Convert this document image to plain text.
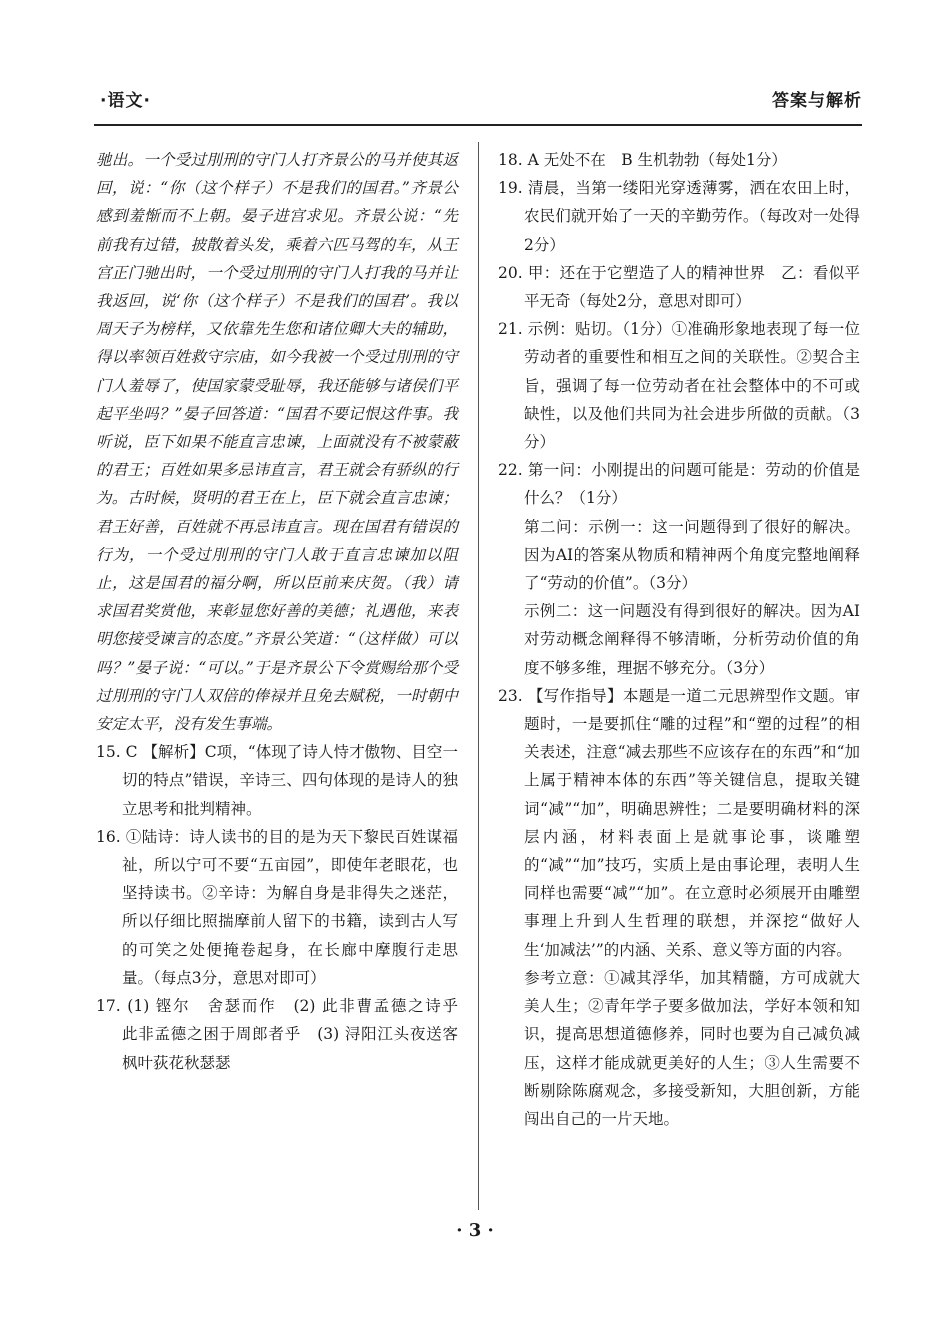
·语文·	答案与解析

驰出。一个受过刖刑的守门人打齐景公的马并使其返回，说：“你（这个样子）不是我们的国君。”齐景公感到羞惭而不上朝。晏子进宫求见。齐景公说：“先前我有过错，披散着头发，乘着六匹马驾的车，从王宫正门驰出时，一个受过刖刑的守门人打我的马并让我返回，说‘你（这个样子）不是我们的国君’。我以周天子为榜样，又依靠先生您和诸位卿大夫的辅助，得以率领百姓救守宗庙，如今我被一个受过刖刑的守门人羞辱了，使国家蒙受耻辱，我还能够与诸侯们平起平坐吗？”晏子回答道：“国君不要记恨这件事。我听说，臣下如果不能直言忠谏，上面就没有不被蒙蔽的君王；百姓如果多忌讳直言，君王就会有骄纵的行为。古时候，贤明的君王在上，臣下就会直言忠谏；君王好善，百姓就不再忌讳直言。现在国君有错误的行为，一个受过刖刑的守门人敢于直言忠谏加以阻止，这是国君的福分啊，所以臣前来庆贺。（我）请求国君奖赏他，来彰显您好善的美德；礼遇他，来表明您接受谏言的态度。”齐景公笑道：“（这样做）可以吗？”晏子说：“可以。”于是齐景公下令赏赐给那个受过刖刑的守门人双倍的俸禄并且免去赋税，一时朝中安定太平，没有发生事端。

15. C 【解析】C项，“体现了诗人恃才傲物、目空一切的特点”错误，辛诗三、四句体现的是诗人的独立思考和批判精神。

16. ①陆诗：诗人读书的目的是为天下黎民百姓谋福祉，所以宁可不要“五亩园”，即使年老眼花，也坚持读书。②辛诗：为解自身是非得失之迷茫，所以仔细比照揣摩前人留下的书籍，读到古人写的可笑之处便掩卷起身，在长廊中摩腹行走思量。（每点3分，意思对即可）

17. (1) 铿尔　舍瑟而作　(2) 此非曹孟德之诗乎　此非孟德之困于周郎者乎　(3) 浔阳江头夜送客　枫叶荻花秋瑟瑟

18. A 无处不在　B 生机勃勃（每处1分）

19. 清晨，当第一缕阳光穿透薄雾，洒在农田上时，农民们就开始了一天的辛勤劳作。（每改对一处得2分）

20. 甲：还在于它塑造了人的精神世界　乙：看似平平无奇（每处2分，意思对即可）

21. 示例：贴切。（1分）①准确形象地表现了每一位劳动者的重要性和相互之间的关联性。②契合主旨，强调了每一位劳动者在社会整体中的不可或缺性，以及他们共同为社会进步所做的贡献。（3分）

22. 第一问：小刚提出的问题可能是：劳动的价值是什么？（1分）

第二问：示例一：这一问题得到了很好的解决。因为AI的答案从物质和精神两个角度完整地阐释了“劳动的价值”。（3分）

示例二：这一问题没有得到很好的解决。因为AI对劳动概念阐释得不够清晰，分析劳动价值的角度不够多维，理据不够充分。（3分）

23. 【写作指导】本题是一道二元思辨型作文题。审题时，一是要抓住“雕的过程”和“塑的过程”的相关表述，注意“减去那些不应该存在的东西”和“加上属于精神本体的东西”等关键信息，提取关键词“减”“加”，明确思辨性；二是要明确材料的深层内涵，材料表面上是就事论事，谈雕塑的“减”“加”技巧，实质上是由事论理，表明人生同样也需要“减”“加”。在立意时必须展开由雕塑事理上升到人生哲理的联想，并深挖“做好人生‘加减法’”的内涵、关系、意义等方面的内容。

参考立意：①减其浮华，加其精髓，方可成就大美人生；②青年学子要多做加法，学好本领和知识，提高思想道德修养，同时也要为自己减负减压，这样才能成就更美好的人生；③人生需要不断剔除陈腐观念，多接受新知，大胆创新，方能闯出自己的一片天地。

· 3 ·
